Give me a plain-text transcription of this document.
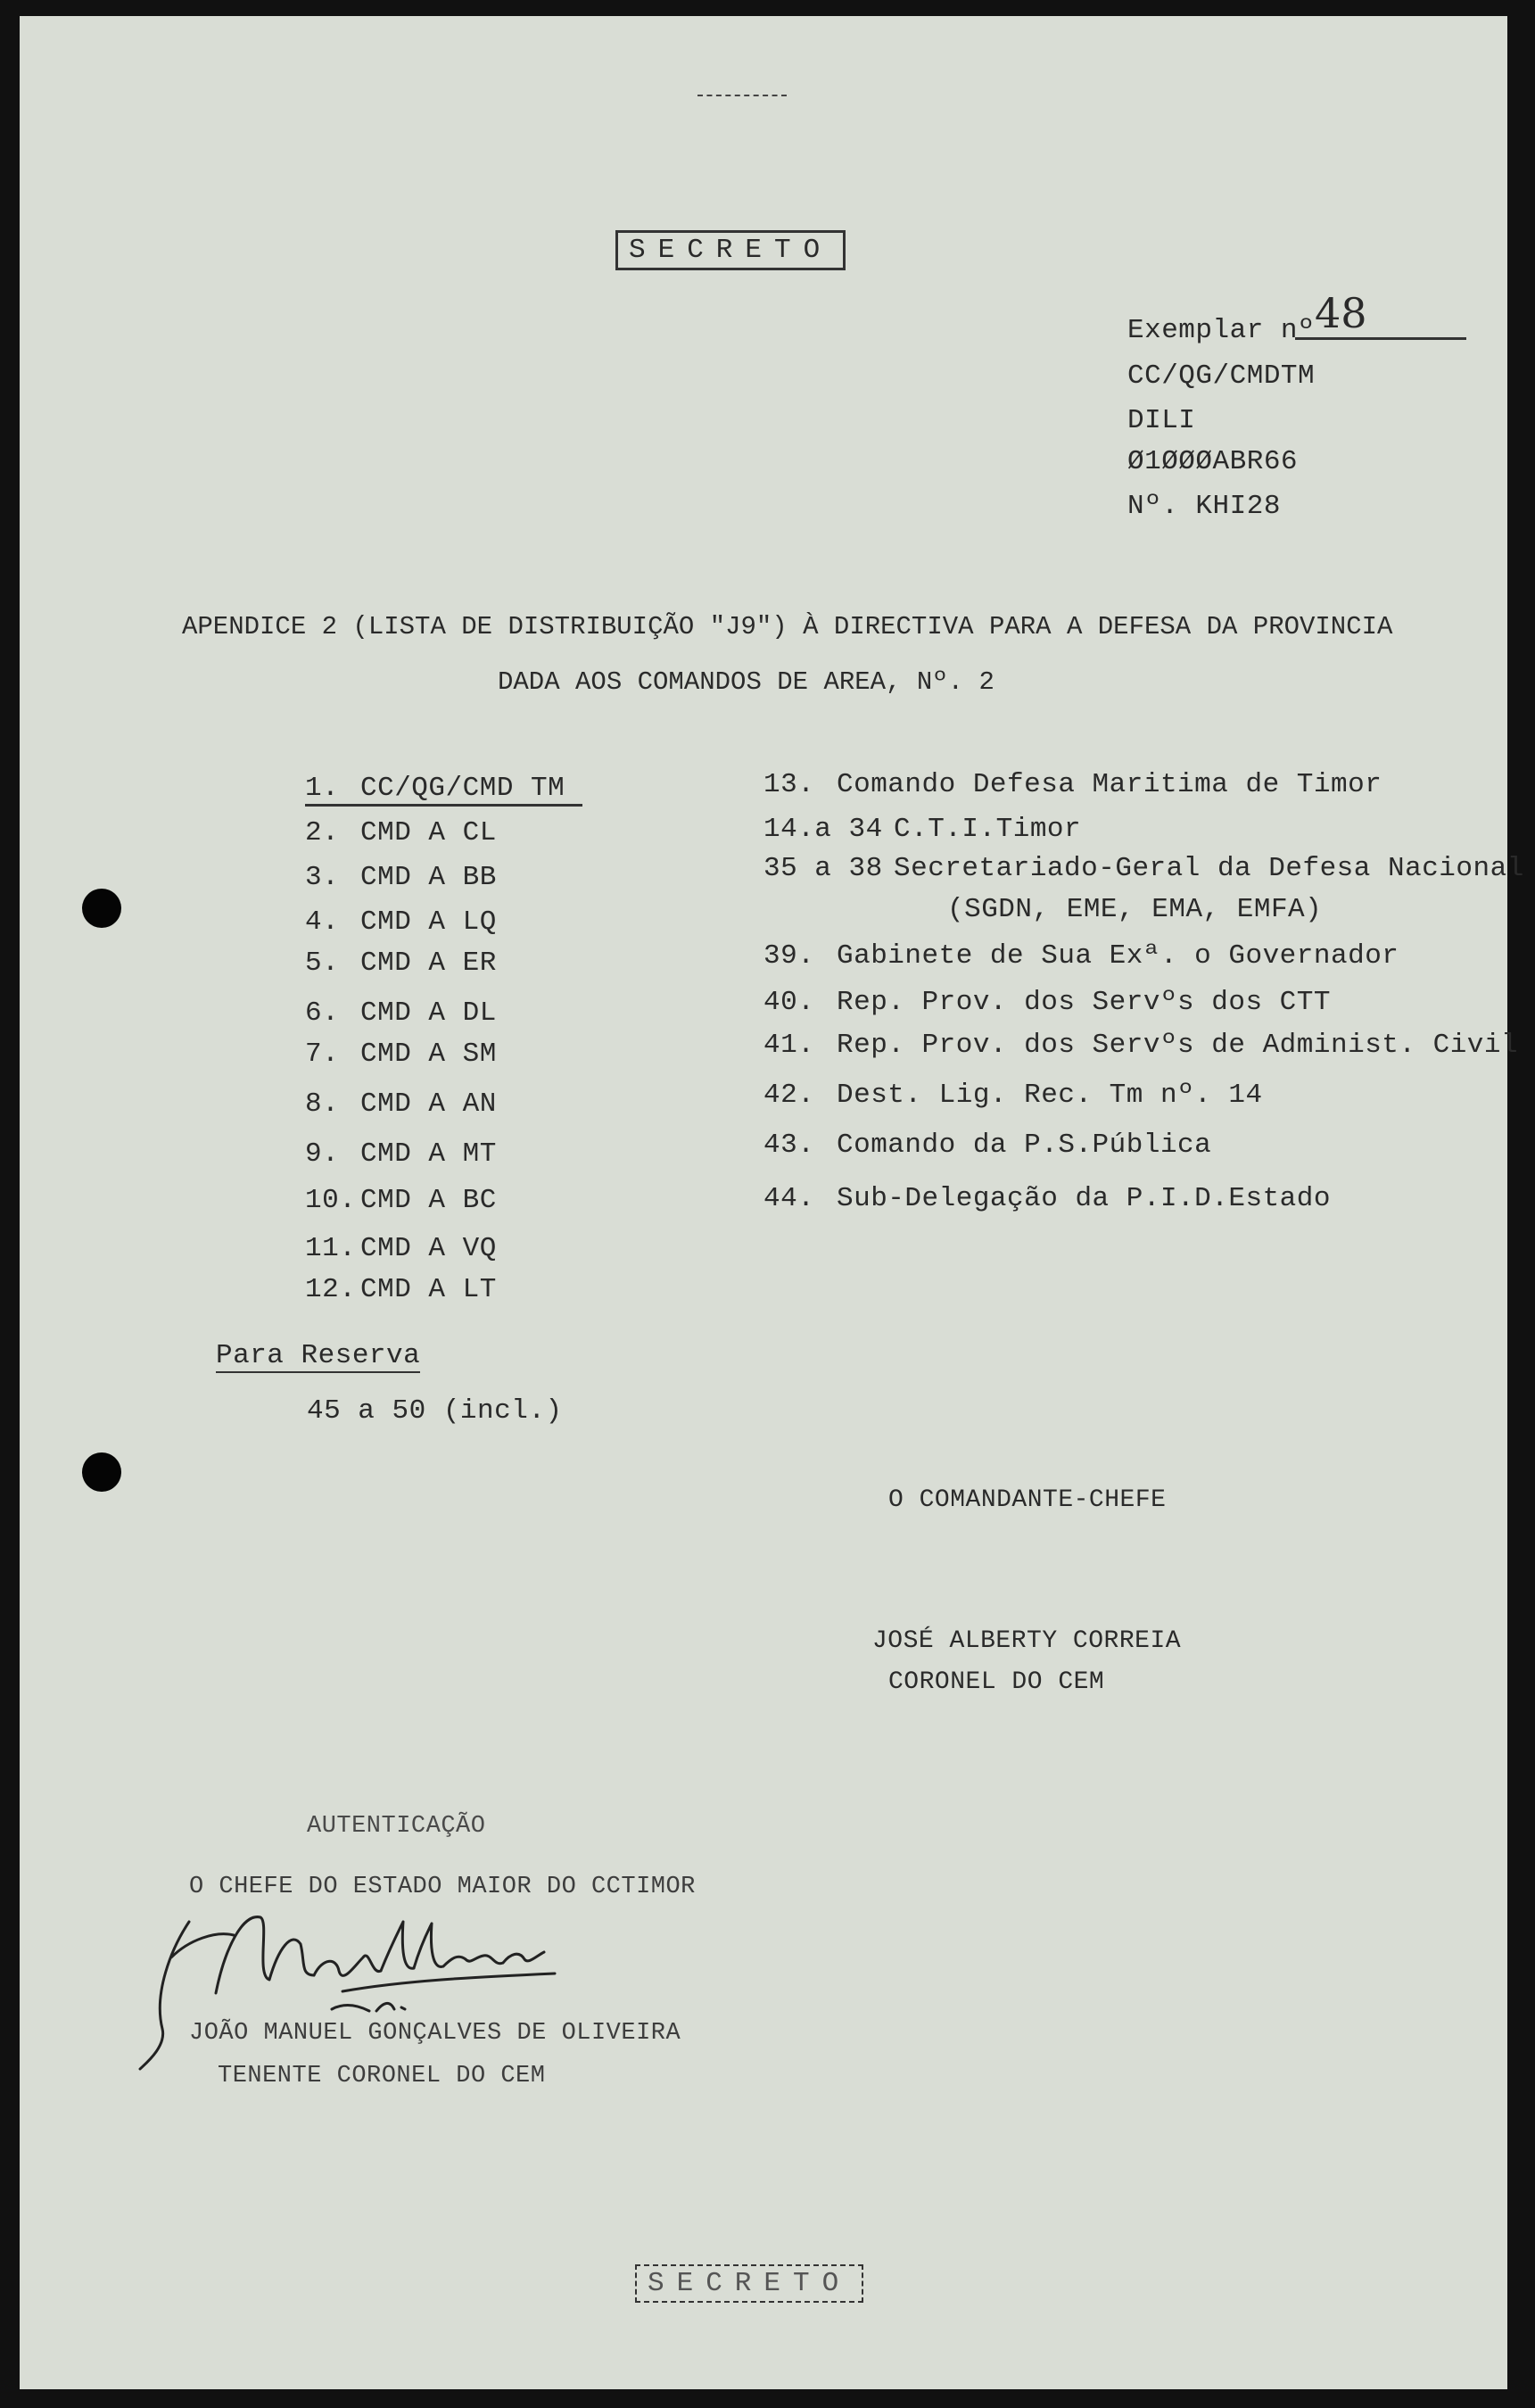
SECRETO
Exemplar nº 48
CC/QG/CMDTM
DILI
Ø1ØØØABR66
Nº. KHI28
APENDICE 2 (LISTA DE DISTRIBUIÇÃO "J9") À DIRECTIVA PARA A DEFESA DA PROVINCIA
DADA AOS COMANDOS DE AREA, Nº. 2
1. CC/QG/CMD TM
2. CMD A CL
3. CMD A BB
4. CMD A LQ
5. CMD A ER
6. CMD A DL
7. CMD A SM
8. CMD A AN
9. CMD A MT
10. CMD A BC
11. CMD A VQ
12. CMD A LT
13. Comando Defesa Maritima de Timor
14.a 34 C.T.I.Timor
35 a 38 Secretariado-Geral da Defesa Nacional
(SGDN, EME, EMA, EMFA)
39. Gabinete de Sua Exª. o Governador
40. Rep. Prov. dos Servºs dos CTT
41. Rep. Prov. dos Servºs de Administ. Civil
42. Dest. Lig. Rec. Tm nº. 14
43. Comando da P.S.Pública
44. Sub-Delegação da P.I.D.Estado
Para Reserva
45 a 50 (incl.)
O COMANDANTE-CHEFE
JOSÉ ALBERTY CORREIA
CORONEL DO CEM
AUTENTICAÇÃO
O CHEFE DO ESTADO MAIOR DO CCTIMOR
JOÃO MANUEL GONÇALVES DE OLIVEIRA
TENENTE CORONEL DO CEM
SECRETO
